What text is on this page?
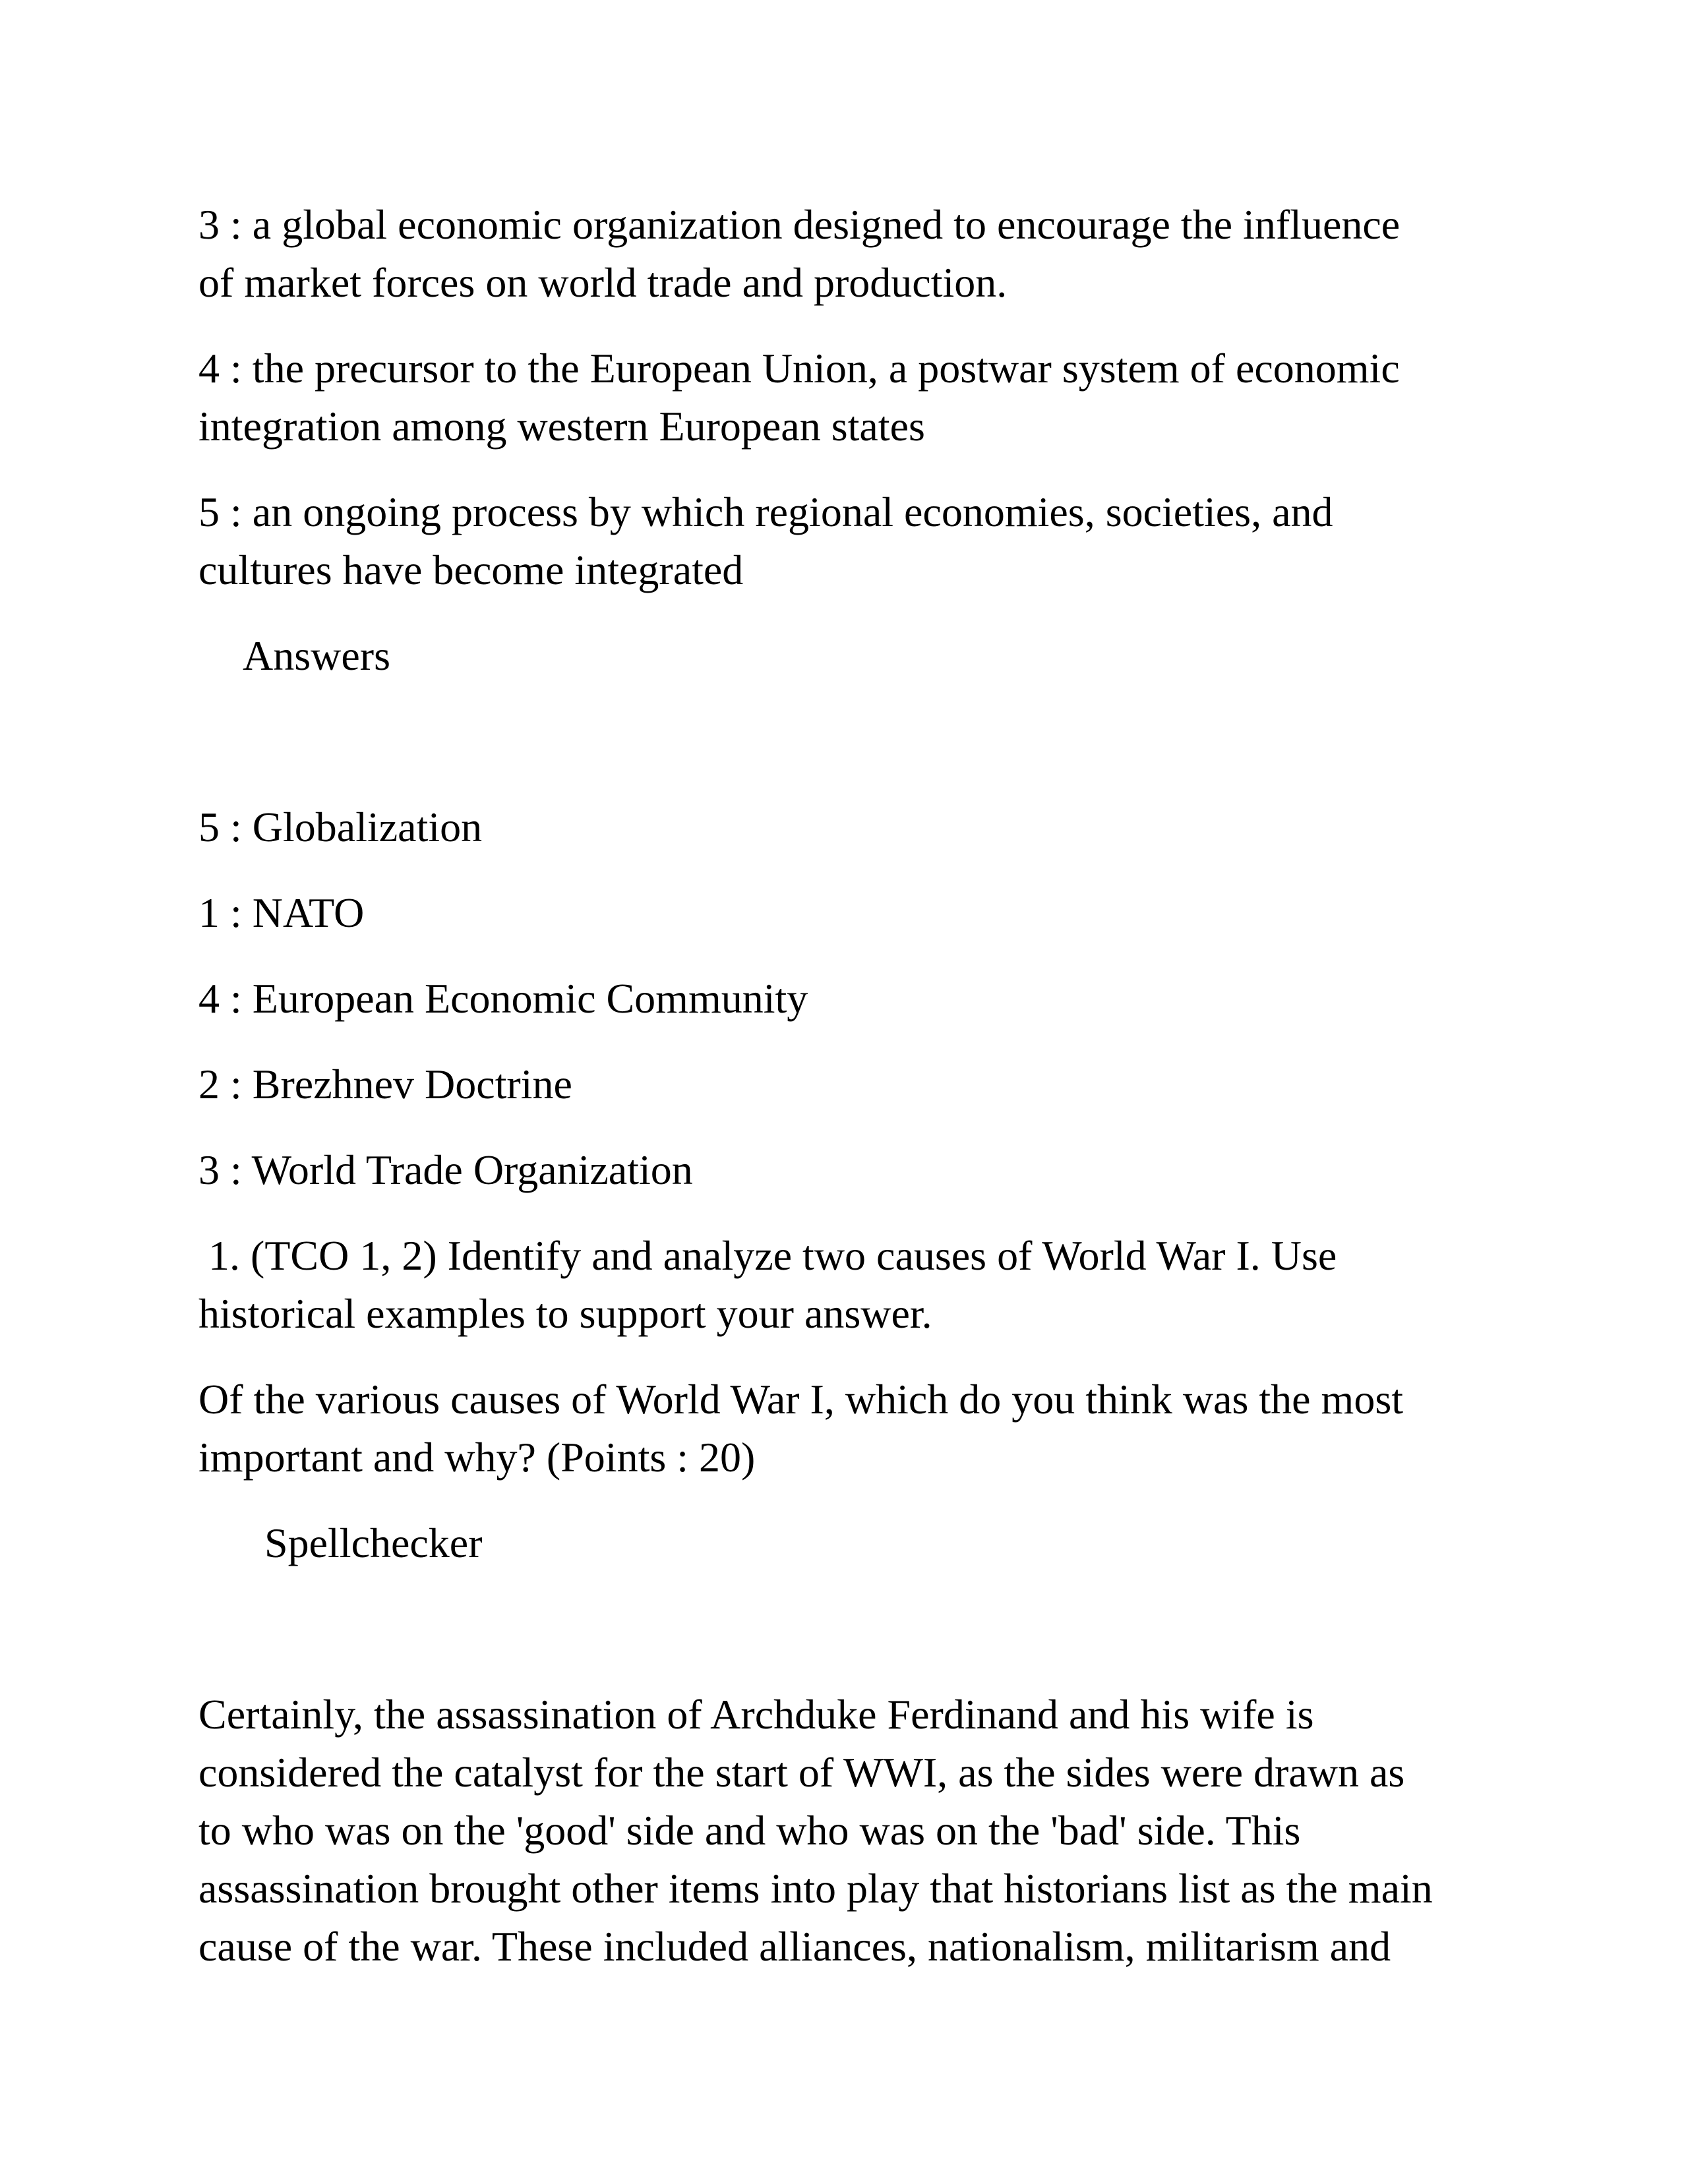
3 : a global economic organization designed to encourage the influence

of market forces on world trade and production.

4 : the precursor to the European Union, a postwar system of economic

integration among western European states

5 : an ongoing process by which regional economies, societies, and

cultures have become integrated

Answers

5 : Globalization

1 : NATO

4 : European Economic Community

2 : Brezhnev Doctrine

3 : World Trade Organization

1. (TCO 1, 2) Identify and analyze two causes of World War I. Use

historical examples to support your answer.

Of the various causes of World War I, which do you think was the most

important and why? (Points : 20)

Spellchecker

Certainly, the assassination of Archduke Ferdinand and his wife is

considered the catalyst for the start of WWI, as the sides were drawn as

to who was on the 'good' side and who was on the 'bad' side. This

assassination brought other items into play that historians list as the main

cause of the war. These included alliances, nationalism, militarism and
